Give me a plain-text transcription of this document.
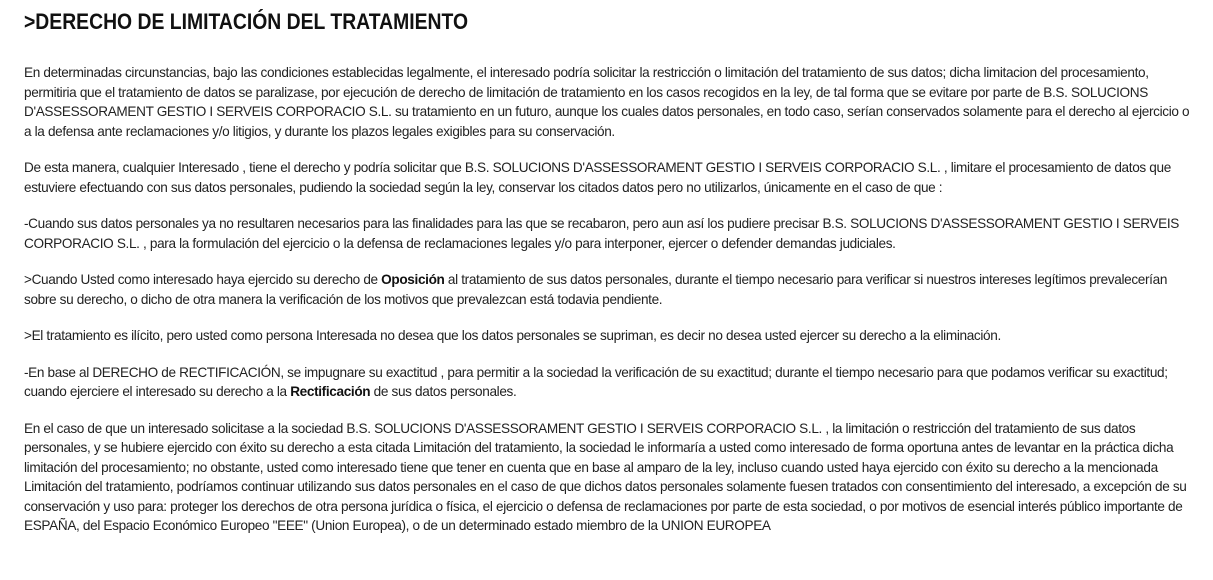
>DERECHO DE LIMITACIÓN DEL TRATAMIENTO

En determinadas circunstancias, bajo las condiciones establecidas legalmente, el interesado podría solicitar la restricción o limitación del tratamiento de sus datos; dicha limitacion del procesamiento, permitiria que el tratamiento de datos se paralizase, por ejecución de derecho de limitación de tratamiento en los casos recogidos en la ley, de tal forma que se evitare por parte de B.S. SOLUCIONS D'ASSESSORAMENT GESTIO I SERVEIS CORPORACIO S.L. su tratamiento en un futuro, aunque los cuales datos personales, en todo caso, serían conservados solamente para el derecho al ejercicio o a la defensa ante reclamaciones y/o litigios, y durante los plazos legales exigibles para su conservación.

De esta manera, cualquier Interesado , tiene el derecho y podría solicitar que B.S. SOLUCIONS D'ASSESSORAMENT GESTIO I SERVEIS CORPORACIO S.L. , limitare el procesamiento de datos que estuviere efectuando con sus datos personales, pudiendo la sociedad según la ley, conservar los citados datos pero no utilizarlos, únicamente en el caso de que :

-Cuando sus datos personales ya no resultaren necesarios para las finalidades para las que se recabaron, pero aun así los pudiere precisar B.S. SOLUCIONS D'ASSESSORAMENT GESTIO I SERVEIS CORPORACIO S.L. , para la formulación del ejercicio o la defensa de reclamaciones legales y/o para interponer, ejercer o defender demandas judiciales.

>Cuando Usted como interesado haya ejercido su derecho de Oposición al tratamiento de sus datos personales, durante el tiempo necesario para verificar si nuestros intereses legítimos prevalecerían sobre su derecho, o dicho de otra manera la verificación de los motivos que prevalezcan está todavia pendiente.

>El tratamiento es ilícito, pero usted como persona Interesada no desea que los datos personales se supriman, es decir no desea usted ejercer su derecho a la eliminación.

-En base al DERECHO de RECTIFICACIÓN, se impugnare su exactitud , para permitir a la sociedad la verificación de su exactitud; durante el tiempo necesario para que podamos verificar su exactitud; cuando ejerciere el interesado su derecho a la Rectificación de sus datos personales.

En el caso de que un interesado solicitase a la sociedad B.S. SOLUCIONS D'ASSESSORAMENT GESTIO I SERVEIS CORPORACIO S.L. , la limitación o restricción del tratamiento de sus datos personales, y se hubiere ejercido con éxito su derecho a esta citada Limitación del tratamiento, la sociedad le informaría a usted como interesado de forma oportuna antes de levantar en la práctica dicha limitación del procesamiento; no obstante, usted como interesado tiene que tener en cuenta que en base al amparo de la ley, incluso cuando usted haya ejercido con éxito su derecho a la mencionada Limitación del tratamiento, podríamos continuar utilizando sus datos personales en el caso de que dichos datos personales solamente fuesen tratados con consentimiento del interesado, a excepción de su conservación y uso para: proteger los derechos de otra persona jurídica o física, el ejercicio o defensa de reclamaciones por parte de esta sociedad, o por motivos de esencial interés público importante de ESPAÑA, del Espacio Económico Europeo "EEE" (Union Europea), o de un determinado estado miembro de la UNION EUROPEA
